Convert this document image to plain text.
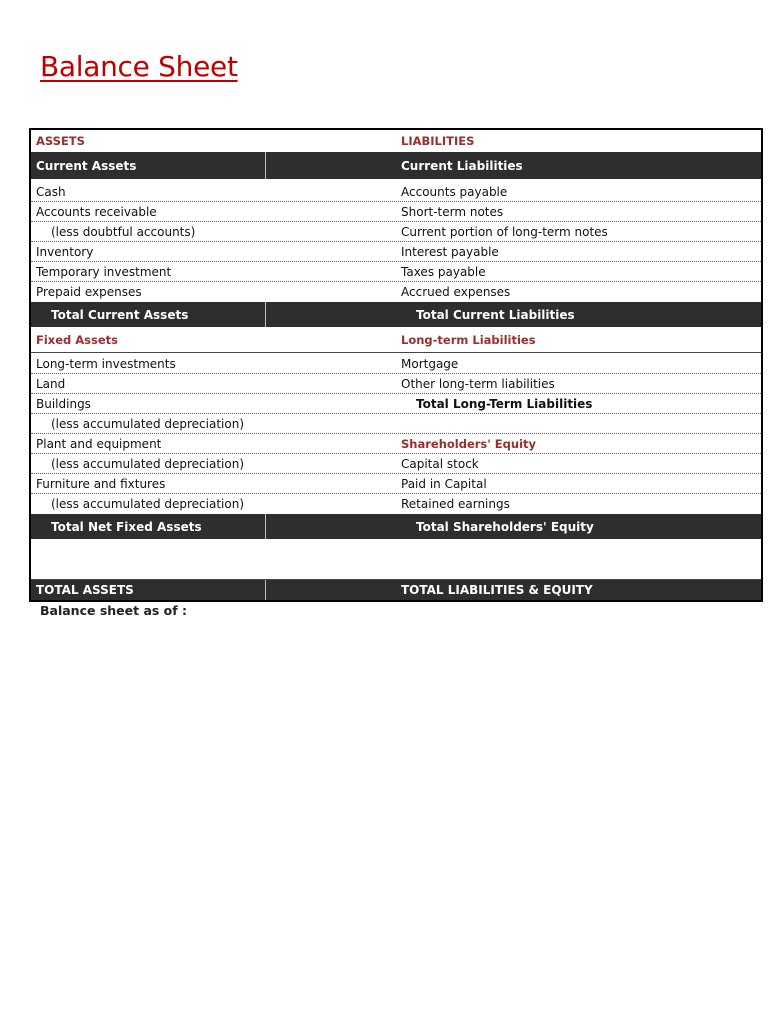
Balance Sheet
ASSETS	LIABILITIES
Current Assets	Current Liabilities
Cash	Accounts payable
Accounts receivable	Short-term notes
(less doubtful accounts)	Current portion of long-term notes
Inventory	Interest payable
Temporary investment	Taxes payable
Prepaid expenses	Accrued expenses
Total Current Assets	Total Current Liabilities
Fixed Assets	Long-term Liabilities
Long-term investments	Mortgage
Land	Other long-term liabilities
Buildings	Total Long-Term Liabilities
(less accumulated depreciation)
Plant and equipment	Shareholders' Equity
(less accumulated depreciation)	Capital stock
Furniture and fixtures	Paid in Capital
(less accumulated depreciation)	Retained earnings
Total Net Fixed Assets	Total Shareholders' Equity
TOTAL ASSETS	TOTAL LIABILITIES & EQUITY
Balance sheet as of :
